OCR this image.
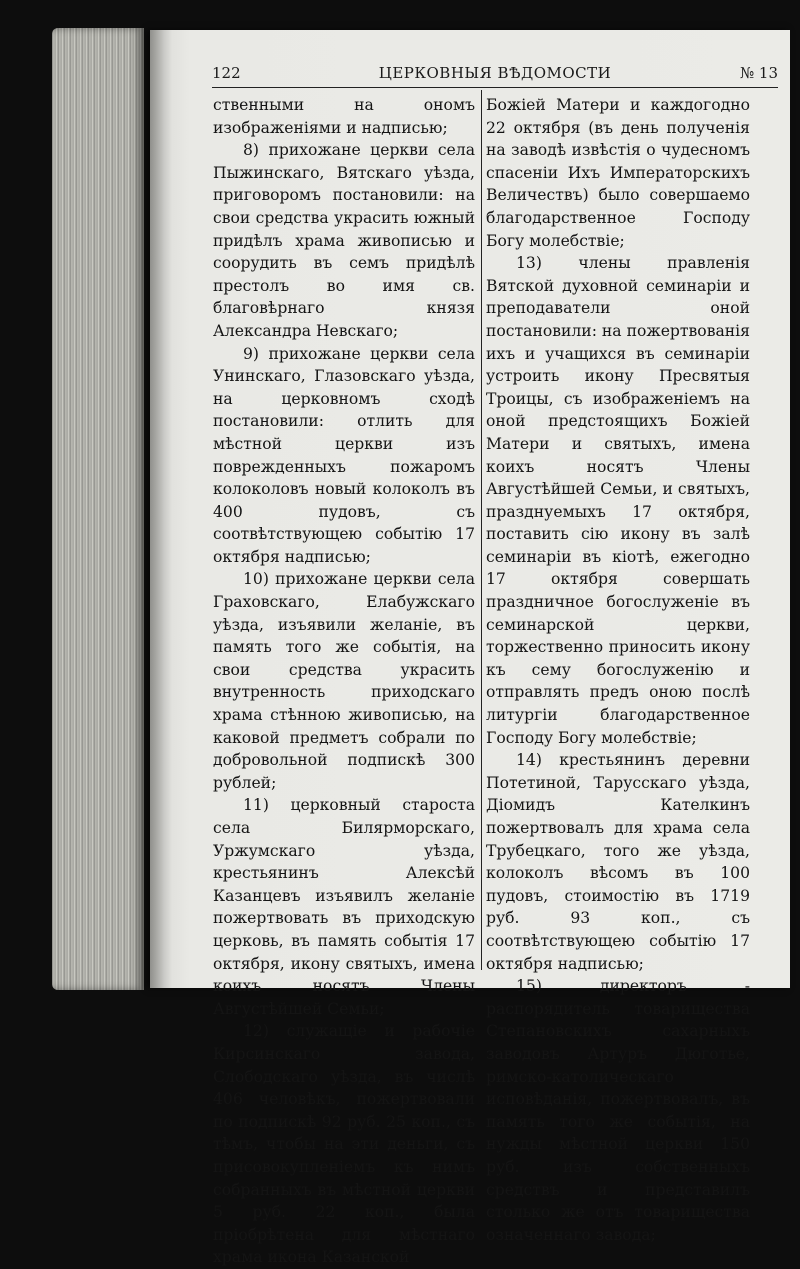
122	ЦЕРКОВНЫЯ ВѢДОМОСТИ	№ 13

ственными на ономъ изображеніями и надписью;

8) прихожане церкви села Пыжинскаго, Вятскаго уѣзда, приговоромъ постановили: на свои средства украсить южный придѣлъ храма живописью и соорудить въ семъ придѣлѣ престолъ во имя св. благовѣрнаго князя Александра Невскаго;

9) прихожане церкви села Унинскаго, Глазовскаго уѣзда, на церковномъ сходѣ постановили: отлить для мѣстной церкви изъ поврежденныхъ пожаромъ колоколовъ новый колоколъ въ 400 пудовъ, съ соотвѣтствующею событію 17 октября надписью;

10) прихожане церкви села Граховскаго, Елабужскаго уѣзда, изъявили желаніе, въ память того же событія, на свои средства украсить внутренность приходскаго храма стѣнною живописью, на каковой предметъ собрали по добровольной подпискѣ 300 рублей;

11) церковный староста села Билярморскаго, Уржумскаго уѣзда, крестьянинъ Алексѣй Казанцевъ изъявилъ желаніе пожертвовать въ приходскую церковь, въ память событія 17 октября, икону святыхъ, имена коихъ носятъ Члены Августѣйшей Семьи;

12) служащіе и рабочіе Кирсинскаго завода, Слободскаго уѣзда, въ числѣ 406 человѣкъ, пожертвовали по подпискѣ 92 руб. 25 коп., съ тѣмъ, чтобы на эти деньги, съ присовокупленіемъ къ нимъ собранныхъ въ мѣстной церкви 5 руб. 22 коп., была пріобрѣтена для мѣстнаго храма икона Казанской

Божіей Матери и каждогодно 22 октября (въ день полученія на заводѣ извѣстія о чудесномъ спасеніи Ихъ Императорскихъ Величествъ) было совершаемо благодарственное Господу Богу молебствіе;

13) члены правленія Вятской духовной семинаріи и преподаватели оной постановили: на пожертвованія ихъ и учащихся въ семинаріи устроить икону Пресвятыя Троицы, съ изображеніемъ на оной предстоящихъ Божіей Матери и святыхъ, имена коихъ носятъ Члены Августѣйшей Семьи, и святыхъ, празднуемыхъ 17 октября, поставить сію икону въ залѣ семинаріи въ кіотѣ, ежегодно 17 октября совершать праздничное богослуженіе въ семинарской церкви, торжественно приносить икону къ сему богослуженію и отправлять предъ оною послѣ литургіи благодарственное Господу Богу молебствіе;

14) крестьянинъ деревни Потетиной, Тарусскаго уѣзда, Діомидъ Кателкинъ пожертвовалъ для храма села Трубецкаго, того же уѣзда, колоколъ вѣсомъ въ 100 пудовъ, стоимостію въ 1719 руб. 93 коп., съ соотвѣтствующею событію 17 октября надписью;

15) директоръ - распорядитель товарищества Степановскихъ сахарныхъ заводовъ Артуръ Дюготье, римско-католическаго исповѣданія, пожертвовалъ, въ память того же событія, на нужды мѣстной церкви 150 руб. изъ собственныхъ средствъ и представилъ столько же отъ товарищества означеннаго завода;
